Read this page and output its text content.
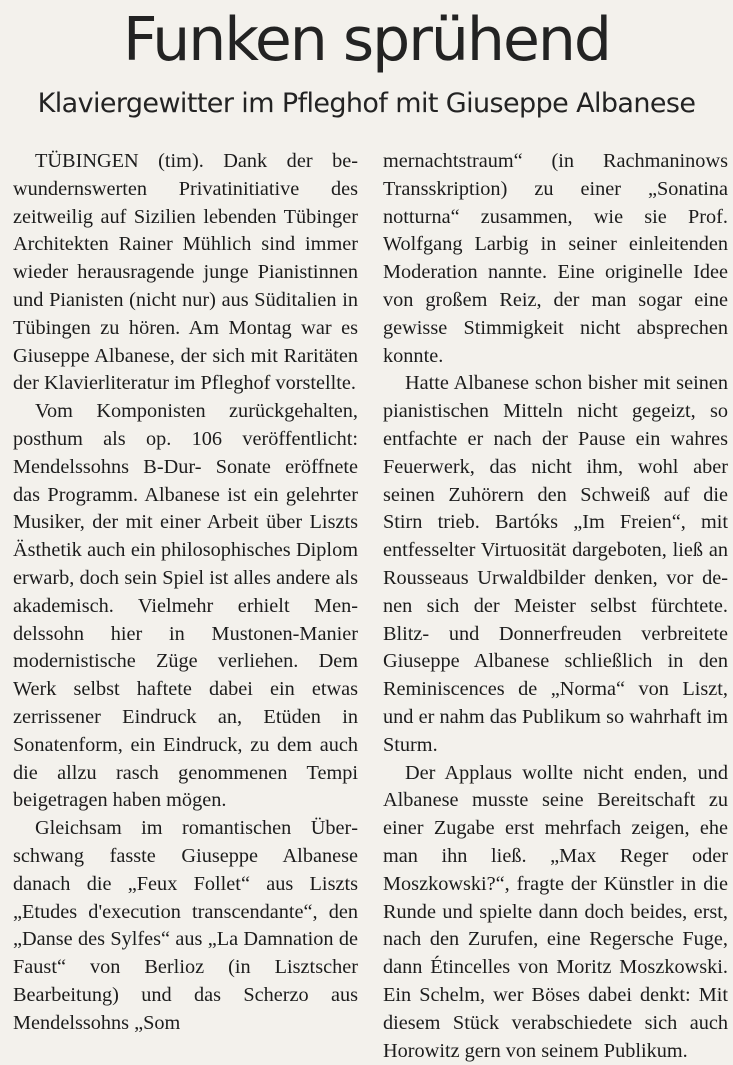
Funken sprühend
Klaviergewitter im Pfleghof mit Giuseppe Albanese

TÜBINGEN (tim). Dank der bewundernswerten Privatinitiative des zeitweilig auf Sizilien lebenden Tübinger Architekten Rainer Mühlich sind immer wieder herausragende junge Pianistinnen und Pianisten (nicht nur) aus Süditalien in Tübingen zu hören. Am Montag war es Giuseppe Albanese, der sich mit Raritäten der Klavierliteratur im Pfleghof vorstellte.

Vom Komponisten zurückgehalten, posthum als op. 106 veröffentlicht: Mendelssohns B-Dur- Sonate eröffnete das Programm. Albanese ist ein gelehrter Musiker, der mit einer Arbeit über Liszts Ästhetik auch ein philosophisches Diplom erwarb, doch sein Spiel ist alles andere als akademisch. Vielmehr erhielt Mendelssohn hier in Mustonen-Manier modernistische Züge verliehen. Dem Werk selbst haftete dabei ein etwas zerrissener Eindruck an, Etüden in Sonatenform, ein Eindruck, zu dem auch die allzu rasch genommenen Tempi beigetragen haben mögen.

Gleichsam im romantischen Überschwang fasste Giuseppe Albanese danach die „Feux Follet“ aus Liszts „Etudes d'execution transcendante“, den „Danse des Sylfes“ aus „La Damnation de Faust“ von Berlioz (in Lisztscher Bearbeitung) und das Scherzo aus Mendelssohns „Som

mernachtstraum“ (in Rachmaninows Transskription) zu einer „Sonatina notturna“ zusammen, wie sie Prof. Wolfgang Larbig in seiner einleitenden Moderation nannte. Eine originelle Idee von großem Reiz, der man sogar eine gewisse Stimmigkeit nicht absprechen konnte.

Hatte Albanese schon bisher mit seinen pianistischen Mitteln nicht gegeizt, so entfachte er nach der Pause ein wahres Feuerwerk, das nicht ihm, wohl aber seinen Zuhörern den Schweiß auf die Stirn trieb. Bartóks „Im Freien“, mit entfesselter Virtuosität dargeboten, ließ an Rousseaus Urwaldbilder denken, vor denen sich der Meister selbst fürchtete. Blitz- und Donnerfreuden verbreitete Giuseppe Albanese schließlich in den Reminiscences de „Norma“ von Liszt, und er nahm das Publikum so wahrhaft im Sturm.

Der Applaus wollte nicht enden, und Albanese musste seine Bereitschaft zu einer Zugabe erst mehrfach zeigen, ehe man ihn ließ. „Max Reger oder Moszkowski?“, fragte der Künstler in die Runde und spielte dann doch beides, erst, nach den Zurufen, eine Regersche Fuge, dann Étincelles von Moritz Moszkowski. Ein Schelm, wer Böses dabei denkt: Mit diesem Stück verabschiedete sich auch Horowitz gern von seinem Publikum.
